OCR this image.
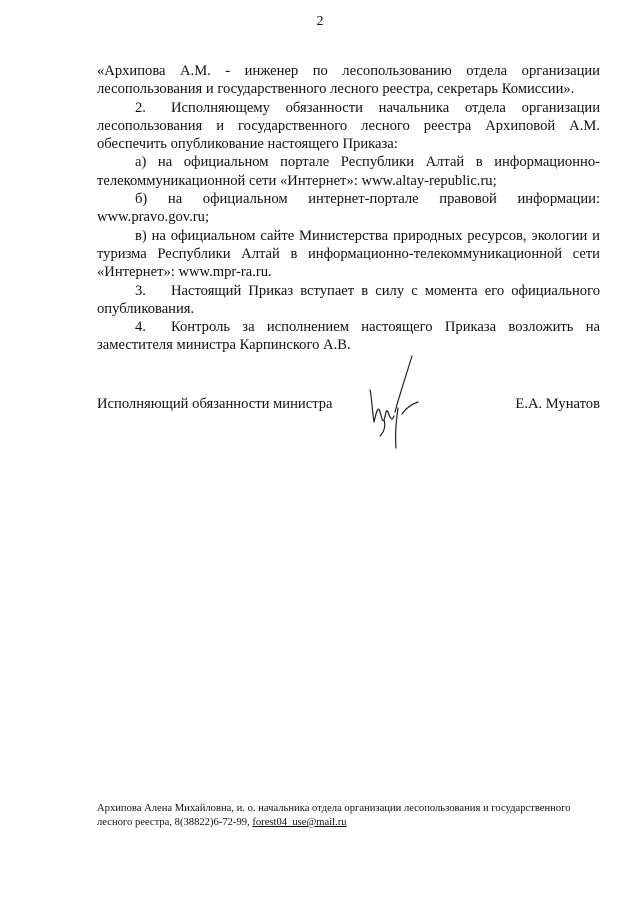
2

«Архипова А.М. - инженер по лесопользованию отдела организации лесопользования и государственного лесного реестра, секретарь Комиссии».

2. Исполняющему обязанности начальника отдела организации лесопользования и государственного лесного реестра Архиповой А.М. обеспечить опубликование настоящего Приказа:

а) на официальном портале Республики Алтай в информационно-телекоммуникационной сети «Интернет»: www.altay-republic.ru;

б) на официальном интернет-портале правовой информации: www.pravo.gov.ru;

в) на официальном сайте Министерства природных ресурсов, экологии и туризма Республики Алтай в информационно-телекоммуникационной сети «Интернет»: www.mpr-ra.ru.

3. Настоящий Приказ вступает в силу с момента его официального опубликования.

4. Контроль за исполнением настоящего Приказа возложить на заместителя министра Карпинского А.В.

Исполняющий обязанности министра	Е.А. Мунатов
Архипова Алена Михайловна, и. о. начальника отдела организации лесопользования и государственного лесного реестра, 8(38822)6-72-99, forest04_use@mail.ru
